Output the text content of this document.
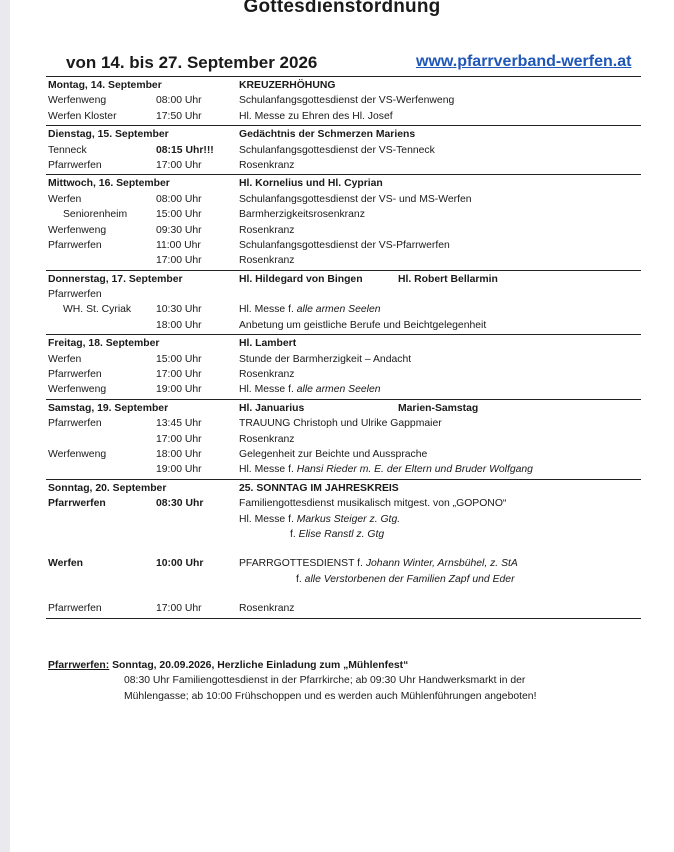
Gottesdienstordnung
von 14. bis 27. September 2026	www.pfarrverband-werfen.at
Montag, 14. September	KREUZERHÖHUNG
Werfenweng	08:00 Uhr	Schulanfangsgottesdienst der VS-Werfenweng
Werfen Kloster	17:50 Uhr	Hl. Messe zu Ehren des Hl. Josef
Dienstag, 15. September	Gedächtnis der Schmerzen Mariens
Tenneck	08:15 Uhr!!! Schulanfangsgottesdienst der VS-Tenneck
Pfarrwerfen	17:00 Uhr	Rosenkranz
Mittwoch, 16. September	Hl. Kornelius und Hl. Cyprian
Werfen	08:00 Uhr	Schulanfangsgottesdienst der VS- und MS-Werfen
Seniorenheim	15:00 Uhr	Barmherzigkeitsrosenkranz
Werfenweng	09:30 Uhr	Rosenkranz
Pfarrwerfen	11:00 Uhr	Schulanfangsgottesdienst der VS-Pfarrwerfen
17:00 Uhr	Rosenkranz
Donnerstag, 17. September	Hl. Hildegard von Bingen	Hl. Robert Bellarmin
Pfarrwerfen
WH. St. Cyriak 10:30 Uhr	Hl. Messe f. alle armen Seelen
18:00 Uhr	Anbetung um geistliche Berufe und Beichtgelegenheit
Freitag, 18. September	Hl. Lambert
Werfen	15:00 Uhr	Stunde der Barmherzigkeit – Andacht
Pfarrwerfen	17:00 Uhr	Rosenkranz
Werfenweng	19:00 Uhr	Hl. Messe f. alle armen Seelen
Samstag, 19. September	Hl. Januarius	Marien-Samstag
Pfarrwerfen	13:45 Uhr	TRAUUNG Christoph und Ulrike Gappmaier
17:00 Uhr	Rosenkranz
Werfenweng	18:00 Uhr	Gelegenheit zur Beichte und Aussprache
19:00 Uhr	Hl. Messe f. Hansi Rieder m. E. der Eltern und Bruder Wolfgang
Sonntag, 20. September	25. SONNTAG IM JAHRESKREIS
Pfarrwerfen	08:30 Uhr	Familiengottesdienst musikalisch mitgest. von „GOPONO“
Hl. Messe f. Markus Steiger z. Gtg.
f. Elise Ranstl z. Gtg
Werfen	10:00 Uhr	PFARRGOTTESDIENST f. Johann Winter, Arnsbühel, z. StA
f. alle Verstorbenen der Familien Zapf und Eder
Pfarrwerfen	17:00 Uhr	Rosenkranz
Pfarrwerfen: Sonntag, 20.09.2026, Herzliche Einladung zum „Mühlenfest“
08:30 Uhr Familiengottesdienst in der Pfarrkirche; ab 09:30 Uhr Handwerksmarkt in der
Mühlengasse; ab 10:00 Frühschoppen und es werden auch Mühlenführungen angeboten!
